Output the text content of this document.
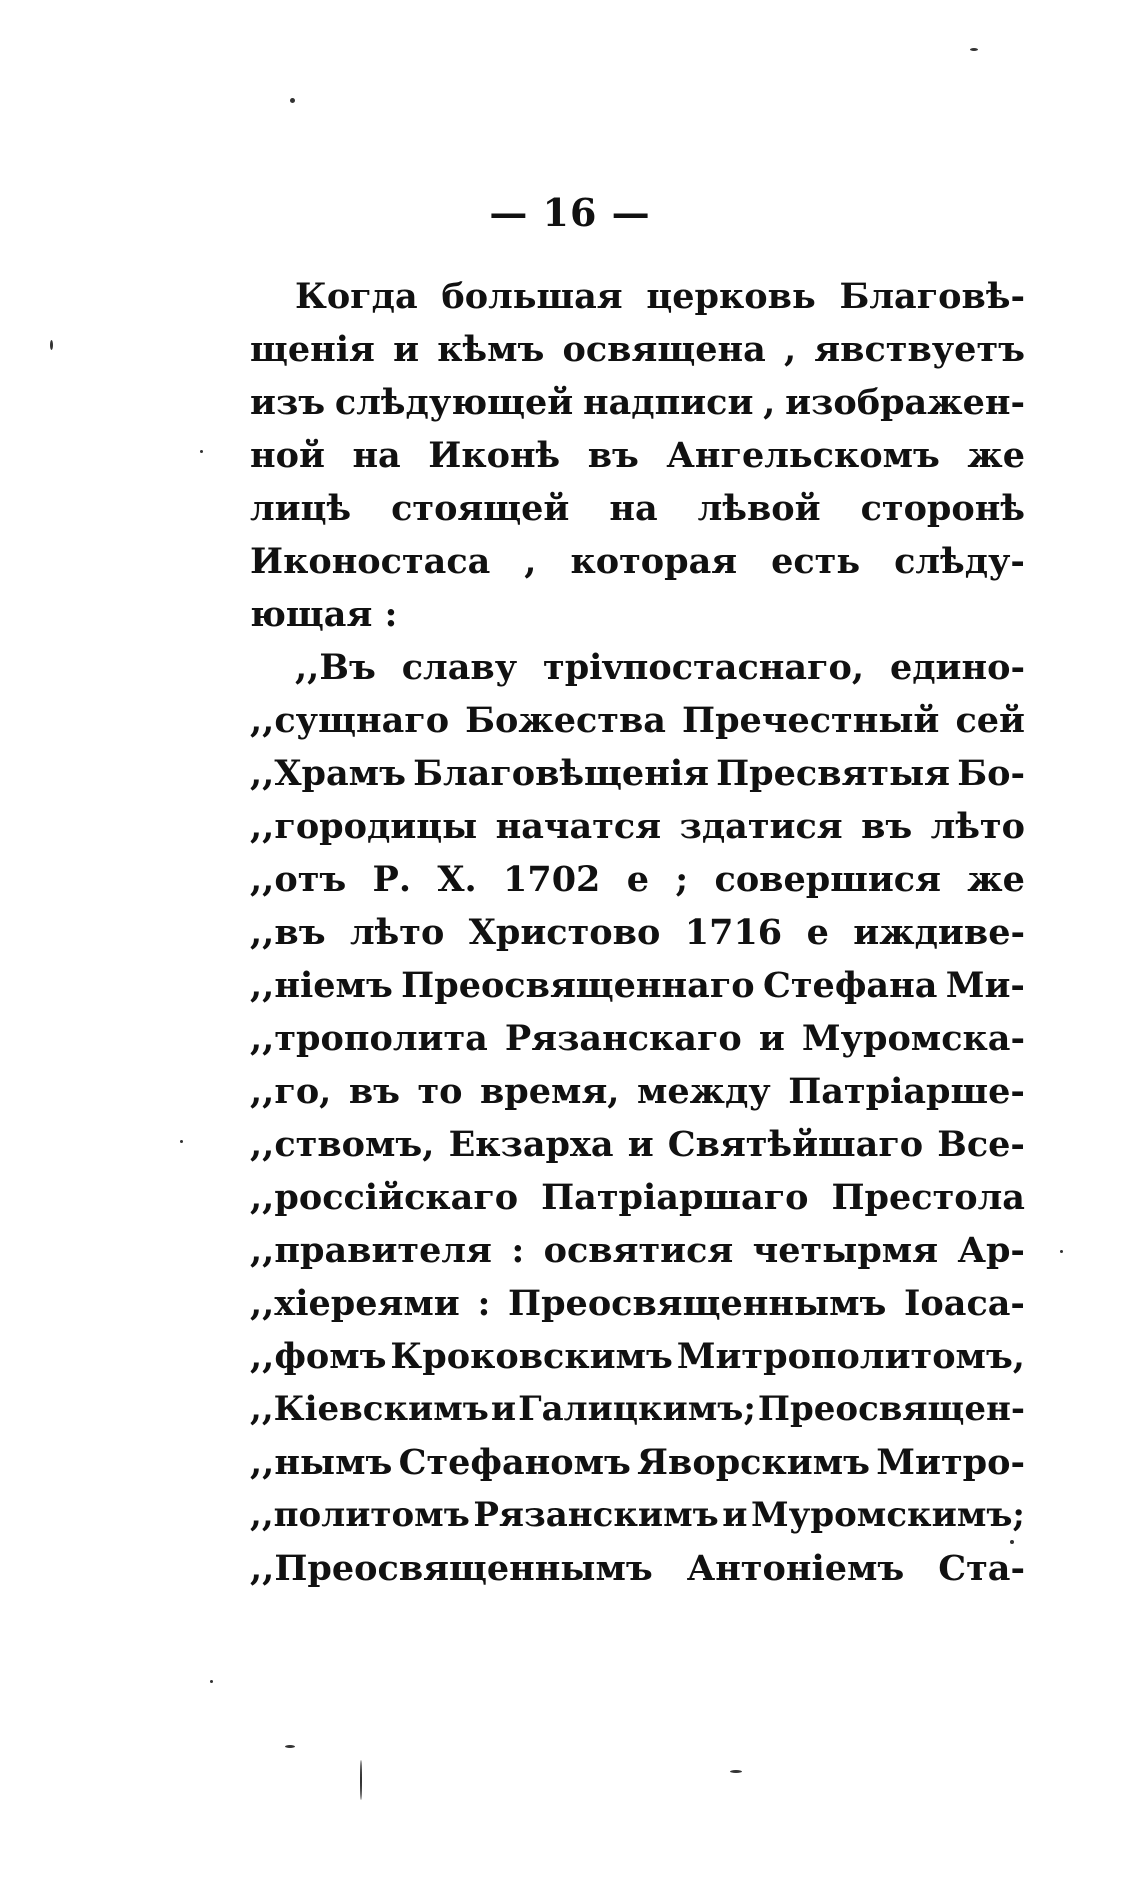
— 16 —
Когда большая церковь Благовѣ-
щенія и кѣмъ освящена , явствуетъ
изъ слѣдующей надписи , изображен-
ной на Иконѣ въ Ангельскомъ же
лицѣ стоящей на лѣвой сторонѣ
Иконостаса , которая есть слѣду-
ющая :
,,Въ славу тріvпостаснаго, едино-
,,сущнаго Божества Пречестный сей
,,Храмъ Благовѣщенія Пресвятыя Бо-
,,городицы начатся здатися въ лѣто
,,отъ Р. Х. 1702 е ; совершися же
,,въ лѣто Христово 1716 е иждиве-
,,ніемъ Преосвященнаго Стефана Ми-
,,трополита Рязанскаго и Муромска-
,,го, въ то время, между Патріарше-
,,ствомъ, Екзарха и Святѣйшаго Все-
,,россійскаго Патріаршаго Престола
,,правителя : освятися четырмя Ар-
,,хіереями : Преосвященнымъ Іоаса-
,,фомъ Кроковскимъ Митрополитомъ,
,,Кіевскимъ и Галицкимъ; Преосвящен-
,,нымъ Стефаномъ Яворскимъ Митро-
,,политомъ Рязанскимъ и Муромскимъ;
,,Преосвященнымъ Антоніемъ Ста-
